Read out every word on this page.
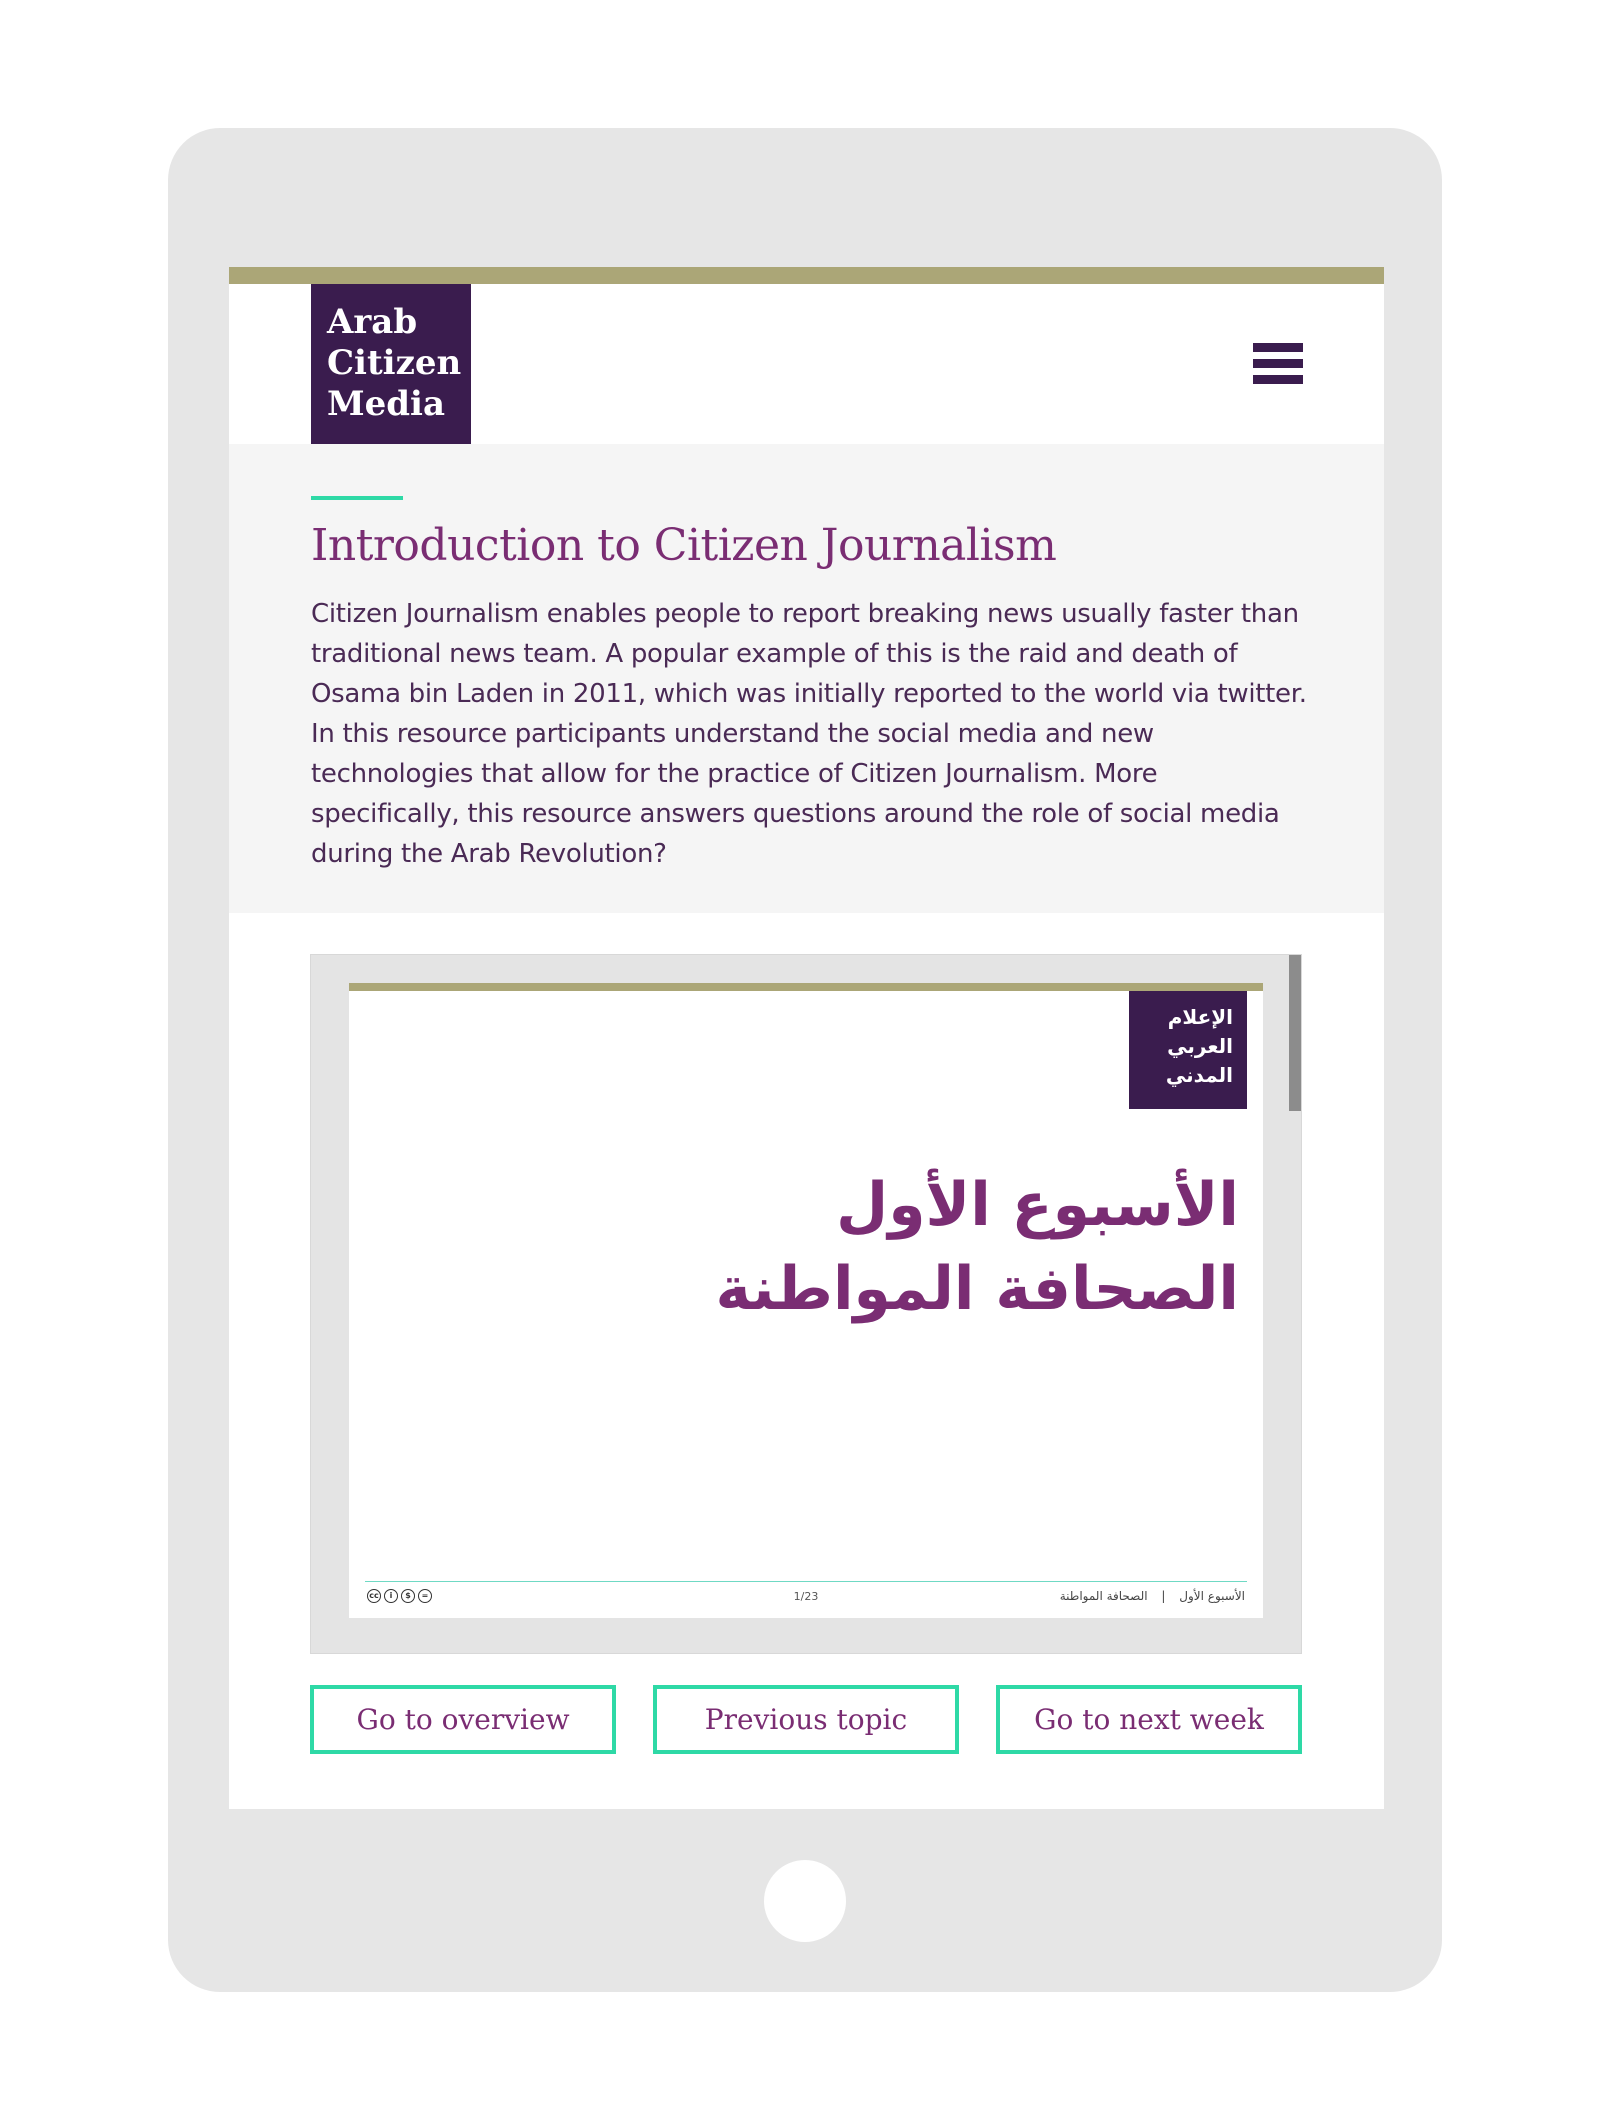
Arab
Citizen
Media
Introduction to Citizen Journalism

Citizen Journalism enables people to report breaking news usually faster than traditional news team. A popular example of this is the raid and death of Osama bin Laden in 2011, which was initially reported to the world via twitter. In this resource participants understand the social media and new technologies that allow for the practice of Citizen Journalism. More specifically, this resource answers questions around the role of social media during the Arab Revolution?

الإعلام
العربي
المدني
الأسبوع الأول
الصحافة المواطنة
cc	i	$	=	1/23	الأسبوع الأول | الصحافة المواطنة
Go to overview	Previous topic	Go to next week
